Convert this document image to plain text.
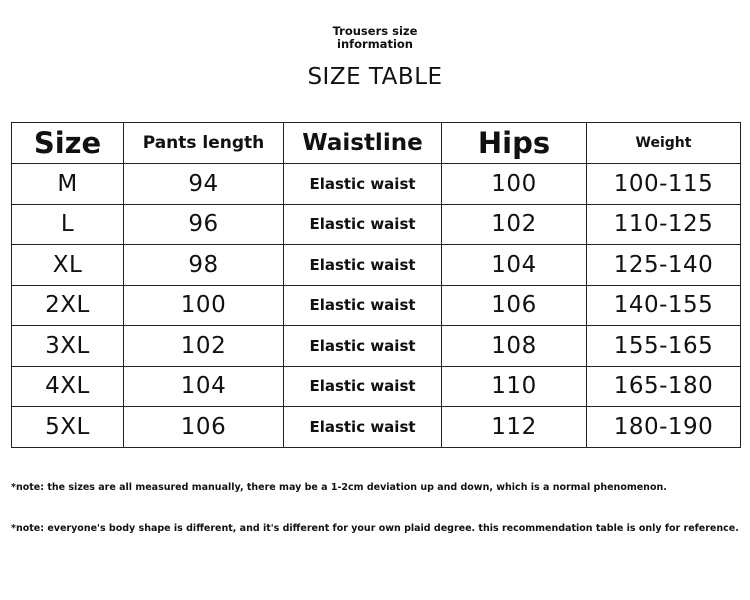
Trousers size
information
SIZE TABLE
Size	Pants length	Waistline	Hips	Weight
M	94	Elastic waist	100	100-115
L	96	Elastic waist	102	110-125
XL	98	Elastic waist	104	125-140
2XL	100	Elastic waist	106	140-155
3XL	102	Elastic waist	108	155-165
4XL	104	Elastic waist	110	165-180
5XL	106	Elastic waist	112	180-190
*note: the sizes are all measured manually, there may be a 1-2cm deviation up and down, which is a normal phenomenon.
*note: everyone's body shape is different, and it's different for your own plaid degree. this recommendation table is only for reference.
